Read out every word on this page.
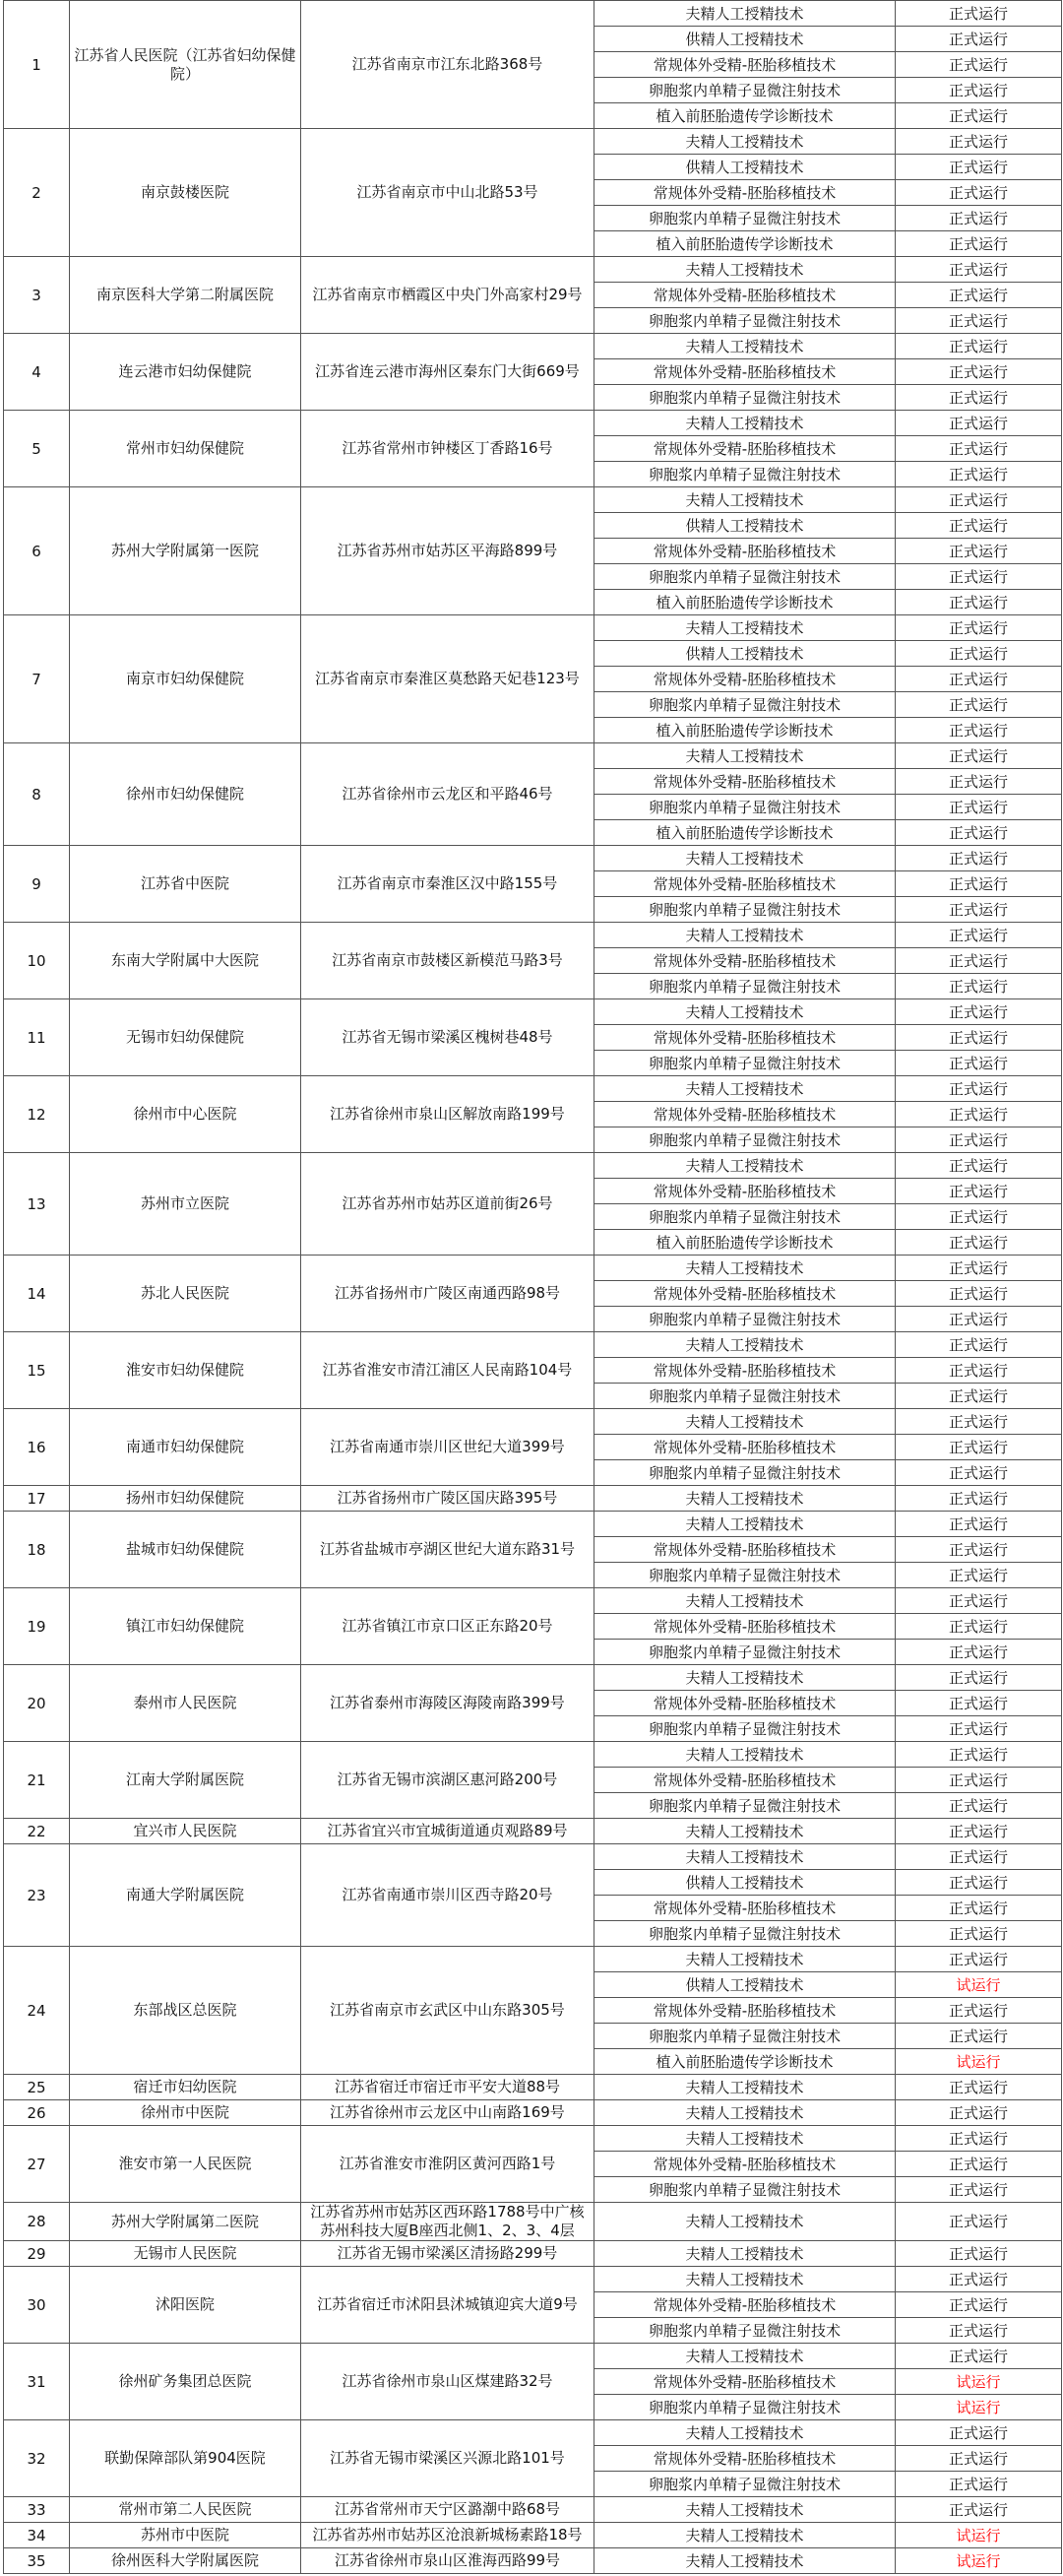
1	江苏省人民医院（江苏省妇幼保健院）	江苏省南京市江东北路368号	夫精人工授精技术	正式运行
			供精人工授精技术	正式运行
			常规体外受精-胚胎移植技术	正式运行
			卵胞浆内单精子显微注射技术	正式运行
			植入前胚胎遗传学诊断技术	正式运行
2	南京鼓楼医院	江苏省南京市中山北路53号	夫精人工授精技术	正式运行
			供精人工授精技术	正式运行
			常规体外受精-胚胎移植技术	正式运行
			卵胞浆内单精子显微注射技术	正式运行
			植入前胚胎遗传学诊断技术	正式运行
3	南京医科大学第二附属医院	江苏省南京市栖霞区中央门外高家村29号	夫精人工授精技术	正式运行
			常规体外受精-胚胎移植技术	正式运行
			卵胞浆内单精子显微注射技术	正式运行
4	连云港市妇幼保健院	江苏省连云港市海州区秦东门大街669号	夫精人工授精技术	正式运行
			常规体外受精-胚胎移植技术	正式运行
			卵胞浆内单精子显微注射技术	正式运行
5	常州市妇幼保健院	江苏省常州市钟楼区丁香路16号	夫精人工授精技术	正式运行
			常规体外受精-胚胎移植技术	正式运行
			卵胞浆内单精子显微注射技术	正式运行
6	苏州大学附属第一医院	江苏省苏州市姑苏区平海路899号	夫精人工授精技术	正式运行
			供精人工授精技术	正式运行
			常规体外受精-胚胎移植技术	正式运行
			卵胞浆内单精子显微注射技术	正式运行
			植入前胚胎遗传学诊断技术	正式运行
7	南京市妇幼保健院	江苏省南京市秦淮区莫愁路天妃巷123号	夫精人工授精技术	正式运行
			供精人工授精技术	正式运行
			常规体外受精-胚胎移植技术	正式运行
			卵胞浆内单精子显微注射技术	正式运行
			植入前胚胎遗传学诊断技术	正式运行
8	徐州市妇幼保健院	江苏省徐州市云龙区和平路46号	夫精人工授精技术	正式运行
			常规体外受精-胚胎移植技术	正式运行
			卵胞浆内单精子显微注射技术	正式运行
			植入前胚胎遗传学诊断技术	正式运行
9	江苏省中医院	江苏省南京市秦淮区汉中路155号	夫精人工授精技术	正式运行
			常规体外受精-胚胎移植技术	正式运行
			卵胞浆内单精子显微注射技术	正式运行
10	东南大学附属中大医院	江苏省南京市鼓楼区新模范马路3号	夫精人工授精技术	正式运行
			常规体外受精-胚胎移植技术	正式运行
			卵胞浆内单精子显微注射技术	正式运行
11	无锡市妇幼保健院	江苏省无锡市梁溪区槐树巷48号	夫精人工授精技术	正式运行
			常规体外受精-胚胎移植技术	正式运行
			卵胞浆内单精子显微注射技术	正式运行
12	徐州市中心医院	江苏省徐州市泉山区解放南路199号	夫精人工授精技术	正式运行
			常规体外受精-胚胎移植技术	正式运行
			卵胞浆内单精子显微注射技术	正式运行
13	苏州市立医院	江苏省苏州市姑苏区道前街26号	夫精人工授精技术	正式运行
			常规体外受精-胚胎移植技术	正式运行
			卵胞浆内单精子显微注射技术	正式运行
			植入前胚胎遗传学诊断技术	正式运行
14	苏北人民医院	江苏省扬州市广陵区南通西路98号	夫精人工授精技术	正式运行
			常规体外受精-胚胎移植技术	正式运行
			卵胞浆内单精子显微注射技术	正式运行
15	淮安市妇幼保健院	江苏省淮安市清江浦区人民南路104号	夫精人工授精技术	正式运行
			常规体外受精-胚胎移植技术	正式运行
			卵胞浆内单精子显微注射技术	正式运行
16	南通市妇幼保健院	江苏省南通市崇川区世纪大道399号	夫精人工授精技术	正式运行
			常规体外受精-胚胎移植技术	正式运行
			卵胞浆内单精子显微注射技术	正式运行
17	扬州市妇幼保健院	江苏省扬州市广陵区国庆路395号	夫精人工授精技术	正式运行
18	盐城市妇幼保健院	江苏省盐城市亭湖区世纪大道东路31号	夫精人工授精技术	正式运行
			常规体外受精-胚胎移植技术	正式运行
			卵胞浆内单精子显微注射技术	正式运行
19	镇江市妇幼保健院	江苏省镇江市京口区正东路20号	夫精人工授精技术	正式运行
			常规体外受精-胚胎移植技术	正式运行
			卵胞浆内单精子显微注射技术	正式运行
20	泰州市人民医院	江苏省泰州市海陵区海陵南路399号	夫精人工授精技术	正式运行
			常规体外受精-胚胎移植技术	正式运行
			卵胞浆内单精子显微注射技术	正式运行
21	江南大学附属医院	江苏省无锡市滨湖区惠河路200号	夫精人工授精技术	正式运行
			常规体外受精-胚胎移植技术	正式运行
			卵胞浆内单精子显微注射技术	正式运行
22	宜兴市人民医院	江苏省宜兴市宜城街道通贞观路89号	夫精人工授精技术	正式运行
23	南通大学附属医院	江苏省南通市崇川区西寺路20号	夫精人工授精技术	正式运行
			供精人工授精技术	正式运行
			常规体外受精-胚胎移植技术	正式运行
			卵胞浆内单精子显微注射技术	正式运行
24	东部战区总医院	江苏省南京市玄武区中山东路305号	夫精人工授精技术	正式运行
			供精人工授精技术	试运行
			常规体外受精-胚胎移植技术	正式运行
			卵胞浆内单精子显微注射技术	正式运行
			植入前胚胎遗传学诊断技术	试运行
25	宿迁市妇幼医院	江苏省宿迁市宿迁市平安大道88号	夫精人工授精技术	正式运行
26	徐州市中医院	江苏省徐州市云龙区中山南路169号	夫精人工授精技术	正式运行
27	淮安市第一人民医院	江苏省淮安市淮阴区黄河西路1号	夫精人工授精技术	正式运行
			常规体外受精-胚胎移植技术	正式运行
			卵胞浆内单精子显微注射技术	正式运行
28	苏州大学附属第二医院	江苏省苏州市姑苏区西环路1788号中广核苏州科技大厦B座西北侧1、2、3、4层	夫精人工授精技术	正式运行
29	无锡市人民医院	江苏省无锡市梁溪区清扬路299号	夫精人工授精技术	正式运行
30	沭阳医院	江苏省宿迁市沭阳县沭城镇迎宾大道9号	夫精人工授精技术	正式运行
			常规体外受精-胚胎移植技术	正式运行
			卵胞浆内单精子显微注射技术	正式运行
31	徐州矿务集团总医院	江苏省徐州市泉山区煤建路32号	夫精人工授精技术	正式运行
			常规体外受精-胚胎移植技术	试运行
			卵胞浆内单精子显微注射技术	试运行
32	联勤保障部队第904医院	江苏省无锡市梁溪区兴源北路101号	夫精人工授精技术	正式运行
			常规体外受精-胚胎移植技术	正式运行
			卵胞浆内单精子显微注射技术	正式运行
33	常州市第二人民医院	江苏省常州市天宁区潞潮中路68号	夫精人工授精技术	正式运行
34	苏州市中医院	江苏省苏州市姑苏区沧浪新城杨素路18号	夫精人工授精技术	试运行
35	徐州医科大学附属医院	江苏省徐州市泉山区淮海西路99号	夫精人工授精技术	试运行
